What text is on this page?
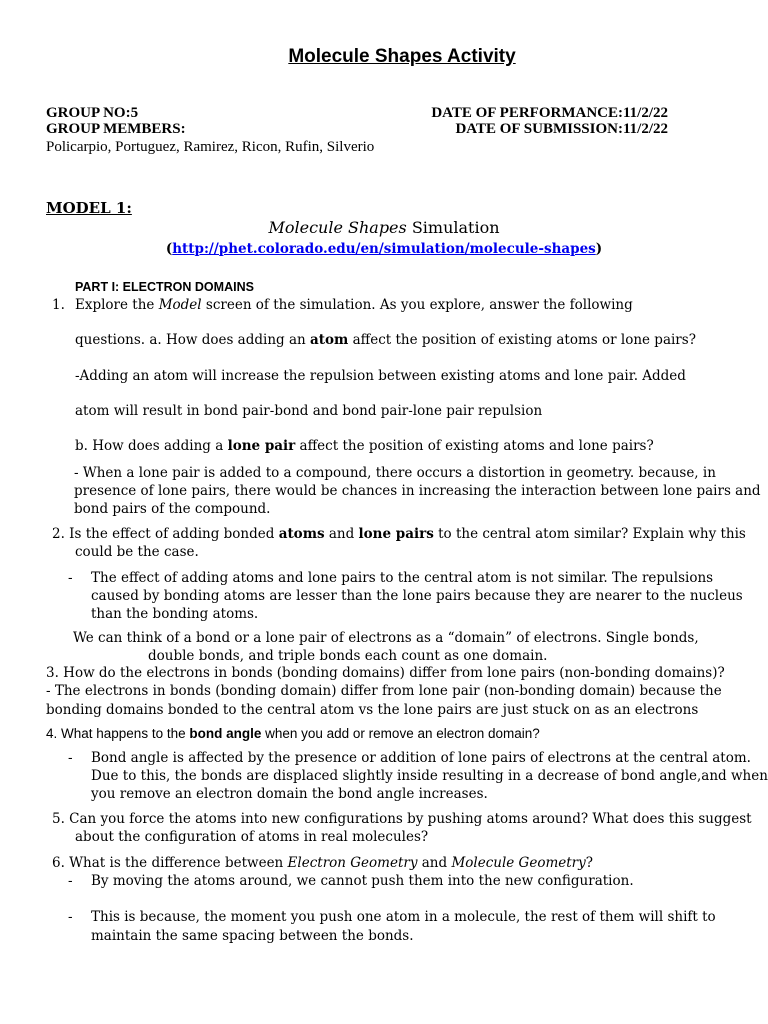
Molecule Shapes Activity
GROUP NO:5
GROUP MEMBERS:
Policarpio, Portuguez, Ramirez, Ricon, Rufin, Silverio
DATE OF PERFORMANCE:11/2/22
DATE OF SUBMISSION:11/2/22
MODEL 1:
Molecule Shapes Simulation
(http://phet.colorado.edu/en/simulation/molecule-shapes)
PART I: ELECTRON DOMAINS
1. Explore the Model screen of the simulation. As you explore, answer the following
questions. a. How does adding an atom affect the position of existing atoms or lone pairs?
-Adding an atom will increase the repulsion between existing atoms and lone pair. Added
atom will result in bond pair-bond and bond pair-lone pair repulsion
b. How does adding a lone pair affect the position of existing atoms and lone pairs?
- When a lone pair is added to a compound, there occurs a distortion in geometry. because, in
presence of lone pairs, there would be chances in increasing the interaction between lone pairs and
bond pairs of the compound.
2. Is the effect of adding bonded atoms and lone pairs to the central atom similar? Explain why this
could be the case.
- The effect of adding atoms and lone pairs to the central atom is not similar. The repulsions
caused by bonding atoms are lesser than the lone pairs because they are nearer to the nucleus
than the bonding atoms.
We can think of a bond or a lone pair of electrons as a “domain” of electrons. Single bonds,
double bonds, and triple bonds each count as one domain.
3. How do the electrons in bonds (bonding domains) differ from lone pairs (non-bonding domains)?
- The electrons in bonds (bonding domain) differ from lone pair (non-bonding domain) because the
bonding domains bonded to the central atom vs the lone pairs are just stuck on as an electrons
4. What happens to the bond angle when you add or remove an electron domain?
- Bond angle is affected by the presence or addition of lone pairs of electrons at the central atom.
Due to this, the bonds are displaced slightly inside resulting in a decrease of bond angle,and when
you remove an electron domain the bond angle increases.
5. Can you force the atoms into new configurations by pushing atoms around? What does this suggest
about the configuration of atoms in real molecules?
6. What is the difference between Electron Geometry and Molecule Geometry?
- By moving the atoms around, we cannot push them into the new configuration.
- This is because, the moment you push one atom in a molecule, the rest of them will shift to
maintain the same spacing between the bonds.
